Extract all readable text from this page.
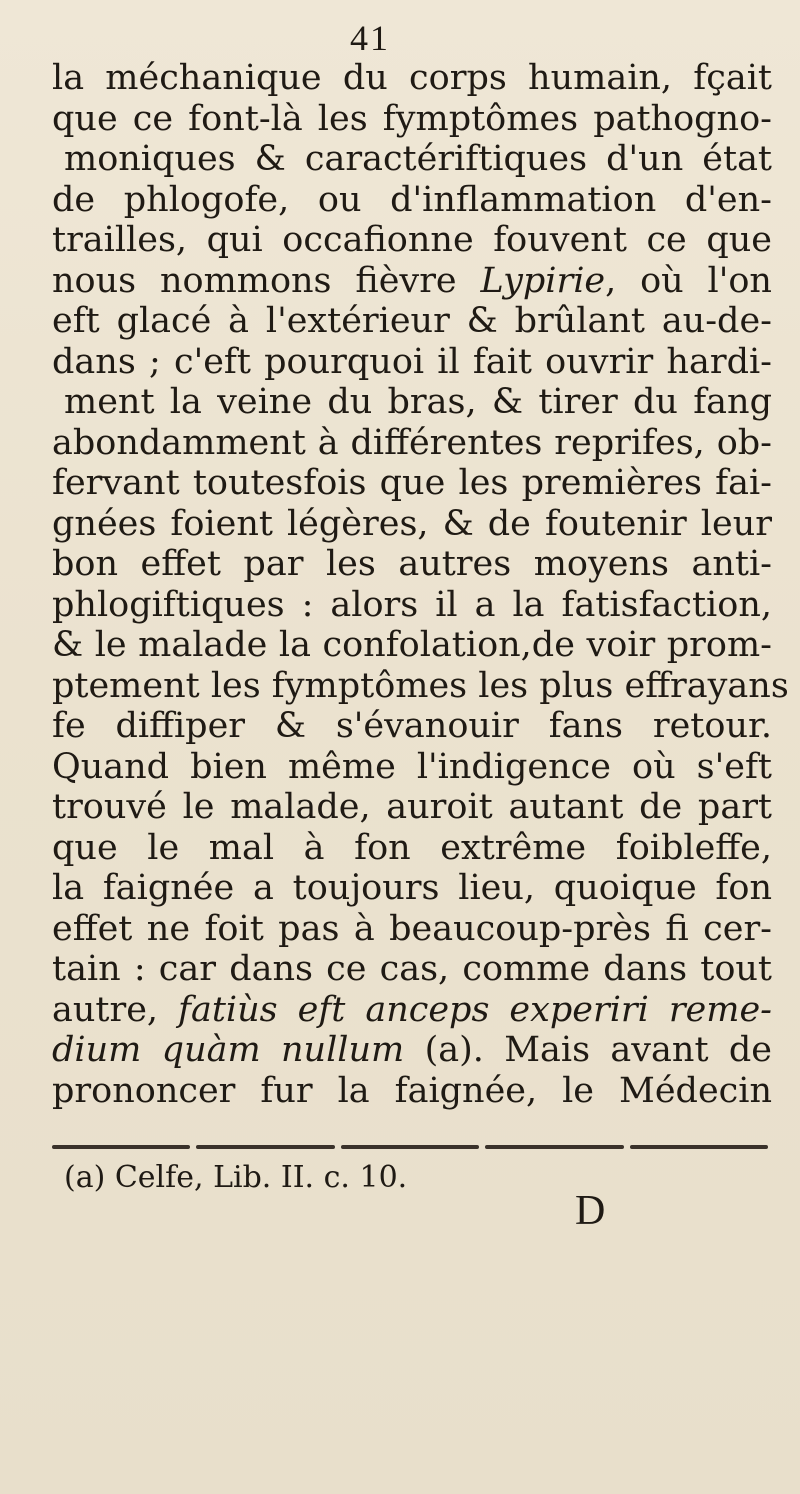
41
la méchanique du corps humain, fçait
que ce font-là les fymptômes pathogno-
moniques & caractériftiques d'un état
de phlogofe, ou d'inflammation d'en-
trailles, qui occafionne fouvent ce que
nous nommons fièvre Lypirie, où l'on
eft glacé à l'extérieur & brûlant au-de-
dans ; c'eft pourquoi il fait ouvrir hardi-
ment la veine du bras, & tirer du fang
abondamment à différentes reprifes, ob-
fervant toutesfois que les premières fai-
gnées foient légères, & de foutenir leur
bon effet par les autres moyens anti-
phlogiftiques : alors il a la fatisfaction,
& le malade la confolation,de voir prom-
ptement les fymptômes les plus effrayans
fe diffiper & s'évanouir fans retour.
Quand bien même l'indigence où s'eft
trouvé le malade, auroit autant de part
que le mal à fon extrême foibleffe,
la faignée a toujours lieu, quoique fon
effet ne foit pas à beaucoup-près fi cer-
tain : car dans ce cas, comme dans tout
autre, fatiùs eft anceps experiri reme-
dium quàm nullum (a). Mais avant de
prononcer fur la faignée, le Médecin
(a) Celfe, Lib. II. c. 10.
D
